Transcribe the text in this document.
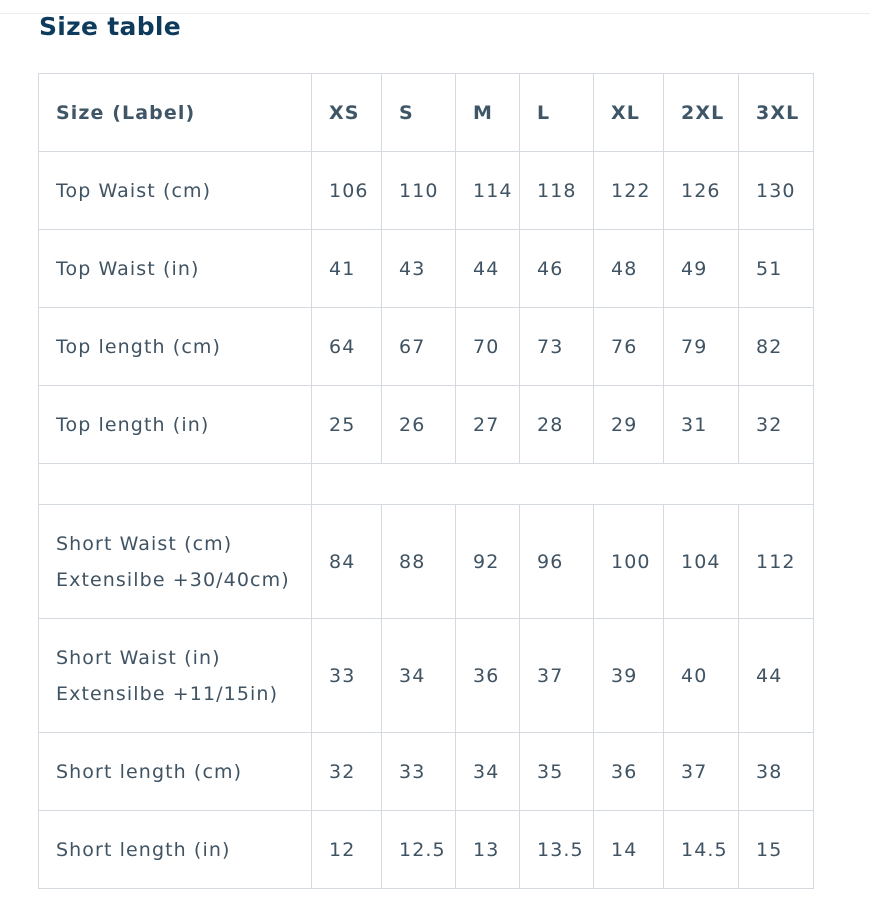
Size table
Size (Label)	XS	S	M	L	XL	2XL	3XL
Top Waist (cm)	106	110	114	118	122	126	130
Top Waist (in)	41	43	44	46	48	49	51
Top length (cm)	64	67	70	73	76	79	82
Top length (in)	25	26	27	28	29	31	32

Short Waist (cm)
Extensilbe +30/40cm)	84	88	92	96	100	104	112

Short Waist (in)
Extensilbe +11/15in)	33	34	36	37	39	40	44
Short length (cm)	32	33	34	35	36	37	38
Short length (in)	12	12.5	13	13.5	14	14.5	15
